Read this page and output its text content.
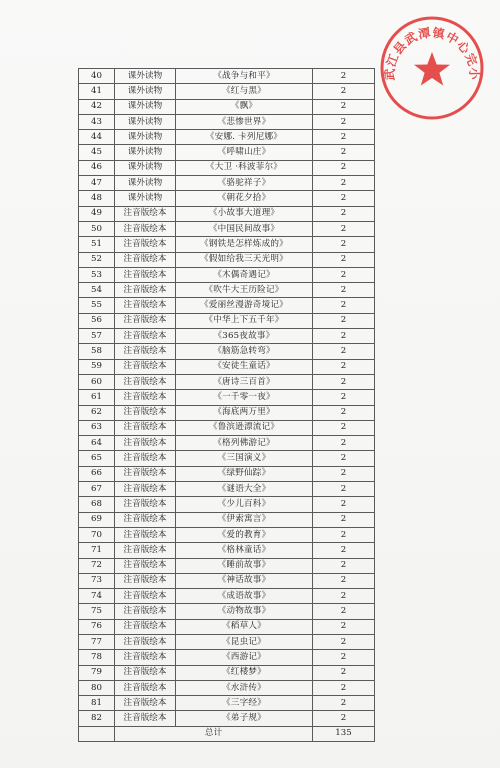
40	课外读物	《战争与和平》	2
41	课外读物	《红与黑》	2
42	课外读物	《飘》	2
43	课外读物	《悲惨世界》	2
44	课外读物	《安娜. 卡列尼娜》	2
45	课外读物	《呼啸山庄》	2
46	课外读物	《大卫 ·科波菲尔》	2
47	课外读物	《骆驼祥子》	2
48	课外读物	《朝花夕拾》	2
49	注音版绘本	《小故事大道理》	2
50	注音版绘本	《中国民间故事》	2
51	注音版绘本	《钢铁是怎样炼成的》	2
52	注音版绘本	《假如给我三天光明》	2
53	注音版绘本	《木偶奇遇记》	2
54	注音版绘本	《吹牛大王历险记》	2
55	注音版绘本	《爱丽丝漫游奇境记》	2
56	注音版绘本	《中华上下五千年》	2
57	注音版绘本	《365夜故事》	2
58	注音版绘本	《脑筋急转弯》	2
59	注音版绘本	《安徒生童话》	2
60	注音版绘本	《唐诗三百首》	2
61	注音版绘本	《一千零一夜》	2
62	注音版绘本	《海底两万里》	2
63	注音版绘本	《鲁滨逊漂流记》	2
64	注音版绘本	《格列佛游记》	2
65	注音版绘本	《三国演义》	2
66	注音版绘本	《绿野仙踪》	2
67	注音版绘本	《谜语大全》	2
68	注音版绘本	《少儿百科》	2
69	注音版绘本	《伊索寓言》	2
70	注音版绘本	《爱的教育》	2
71	注音版绘本	《格林童话》	2
72	注音版绘本	《睡前故事》	2
73	注音版绘本	《神话故事》	2
74	注音版绘本	《成语故事》	2
75	注音版绘本	《动物故事》	2
76	注音版绘本	《稻草人》	2
77	注音版绘本	《昆虫记》	2
78	注音版绘本	《西游记》	2
79	注音版绘本	《红楼梦》	2
80	注音版绘本	《水浒传》	2
81	注音版绘本	《三字经》	2
82	注音版绘本	《弟子规》	2
	总计		135
武江县武潭镇中心完小
